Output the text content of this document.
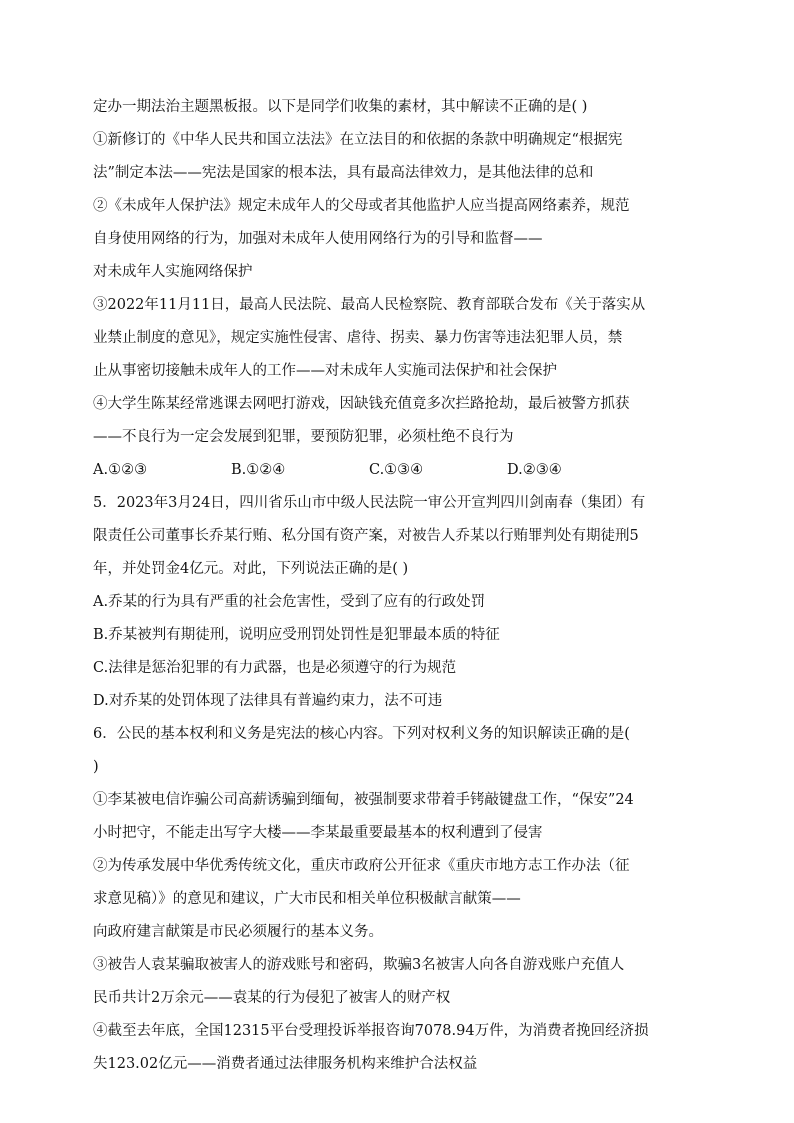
定办一期法治主题黑板报。以下是同学们收集的素材，其中解读不正确的是( )
①新修订的《中华人民共和国立法法》在立法目的和依据的条款中明确规定“根据宪
法”制定本法——宪法是国家的根本法，具有最高法律效力，是其他法律的总和
②《未成年人保护法》规定未成年人的父母或者其他监护人应当提高网络素养，规范
自身使用网络的行为，加强对未成年人使用网络行为的引导和监督——
对未成年人实施网络保护
③2022年11月11日，最高人民法院、最高人民检察院、教育部联合发布《关于落实从
业禁止制度的意见》，规定实施性侵害、虐待、拐卖、暴力伤害等违法犯罪人员，禁
止从事密切接触未成年人的工作——对未成年人实施司法保护和社会保护
④大学生陈某经常逃课去网吧打游戏，因缺钱充值竟多次拦路抢劫，最后被警方抓获
——不良行为一定会发展到犯罪，要预防犯罪，必须杜绝不良行为
A.①②③	B.①②④	C.①③④	D.②③④
5．2023年3月24日，四川省乐山市中级人民法院一审公开宣判四川剑南春（集团）有
限责任公司董事长乔某行贿、私分国有资产案，对被告人乔某以行贿罪判处有期徒刑5
年，并处罚金4亿元。对此，下列说法正确的是( )
A.乔某的行为具有严重的社会危害性，受到了应有的行政处罚
B.乔某被判有期徒刑，说明应受刑罚处罚性是犯罪最本质的特征
C.法律是惩治犯罪的有力武器，也是必须遵守的行为规范
D.对乔某的处罚体现了法律具有普遍约束力，法不可违
6．公民的基本权利和义务是宪法的核心内容。下列对权利义务的知识解读正确的是(
)
①李某被电信诈骗公司高薪诱骗到缅甸，被强制要求带着手铐敲键盘工作，“保安”24
小时把守，不能走出写字大楼——李某最重要最基本的权利遭到了侵害
②为传承发展中华优秀传统文化，重庆市政府公开征求《重庆市地方志工作办法（征
求意见稿）》的意见和建议，广大市民和相关单位积极献言献策——
向政府建言献策是市民必须履行的基本义务。
③被告人袁某骗取被害人的游戏账号和密码，欺骗3名被害人向各自游戏账户充值人
民币共计2万余元——袁某的行为侵犯了被害人的财产权
④截至去年底，全国12315平台受理投诉举报咨询7078.94万件，为消费者挽回经济损
失123.02亿元——消费者通过法律服务机构来维护合法权益
